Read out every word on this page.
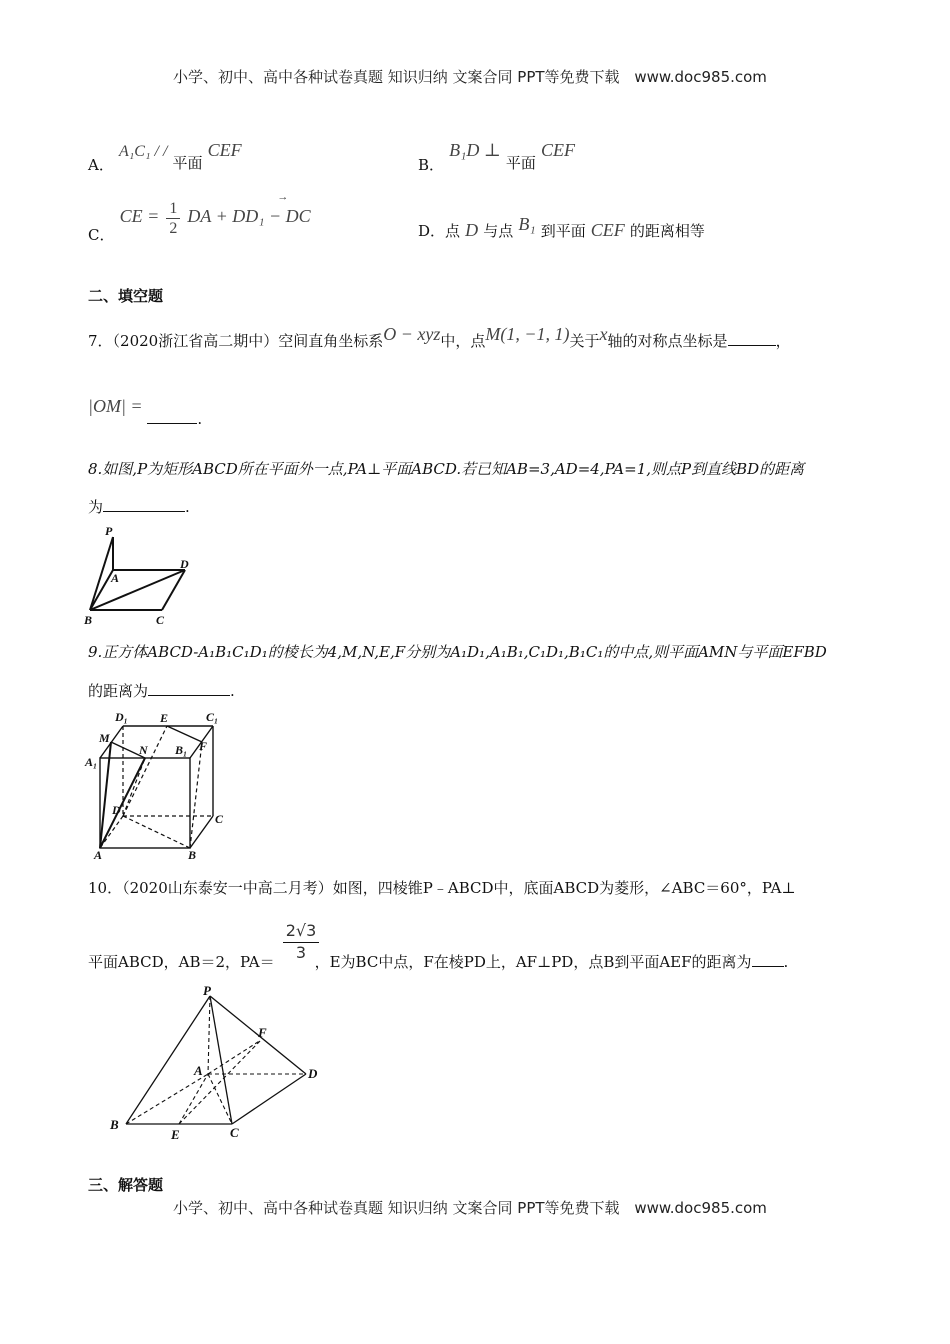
小学、初中、高中各种试卷真题 知识归纳 文案合同 PPT等免费下载 www.doc985.com
A． A₁C₁ / / 平面 CEF
B． B₁D ⊥ 平面 CEF
C． CE = $\frac{1}{2}$

→
DA + DD₁ − DC
D．点 D 与点 B₁ 到平面 CEF 的距离相等
二、填空题
7．（2020浙江省高二期中）空间直角坐标系O − xyz中，点M(1, −1, 1)关于x轴的对称点坐标是	，
|OM| = .
8.如图,P为矩形ABCD所在平面外一点,PA⊥平面ABCD.若已知AB=3,AD=4,PA=1,则点P到直线BD的距离
为	.
P
A
D
B	C
9.正方体ABCD-A₁B₁C₁D₁的棱长为4,M,N,E,F分别为A₁D₁,A₁B₁,C₁D₁,B₁C₁的中点,则平面AMN与平面EFBD
的距离为	.
D₁	E	C₁
M
N B₁ F
A₁
D
C
A	B
10．（2020山东泰安一中高二月考）如图，四棱锥P﹣ABCD中，底面ABCD为菱形，∠ABC＝60°，PA⊥
$\frac{2√3}{3}$
平面ABCD，AB＝2，PA＝	，E为BC中点，F在棱PD上，AF⊥PD，点B到平面AEF的距离为 .
P
F
A	D
B
E	C
三、解答题
小学、初中、高中各种试卷真题 知识归纳 文案合同 PPT等免费下载 www.doc985.com
